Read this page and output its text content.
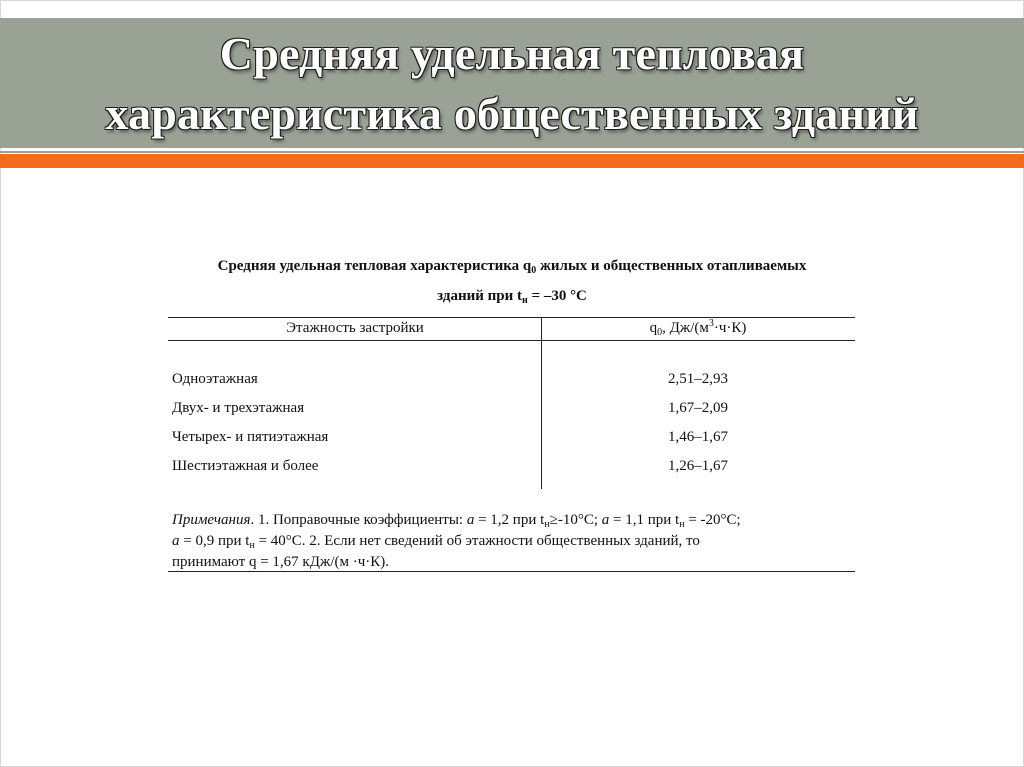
Средняя удельная тепловая
характеристика общественных зданий
Средняя удельная тепловая характеристика $q_0$ жилых и общественных отапливаемых
зданий при $t_н = -30$ °С
Этажность застройки	$q_0$, $Дж/(м^3\cdot ч\cdot К)$
Одноэтажная	2,51–2,93
Двух- и трехэтажная	1,67–2,09
Четырех- и пятиэтажная	1,46–1,67
Шестиэтажная и более	1,26–1,67
Примечания. 1. Поправочные коэффициенты: а = 1,2 при $t_н\ge-10^\circ С$; а = 1,1 при $t_н = -20^\circ С$;
а = 0,9 при $t_н = 40^\circ С$. 2. Если нет сведений об этажности общественных зданий, то
принимают q = 1,67 кДж/(м ·ч·К).
